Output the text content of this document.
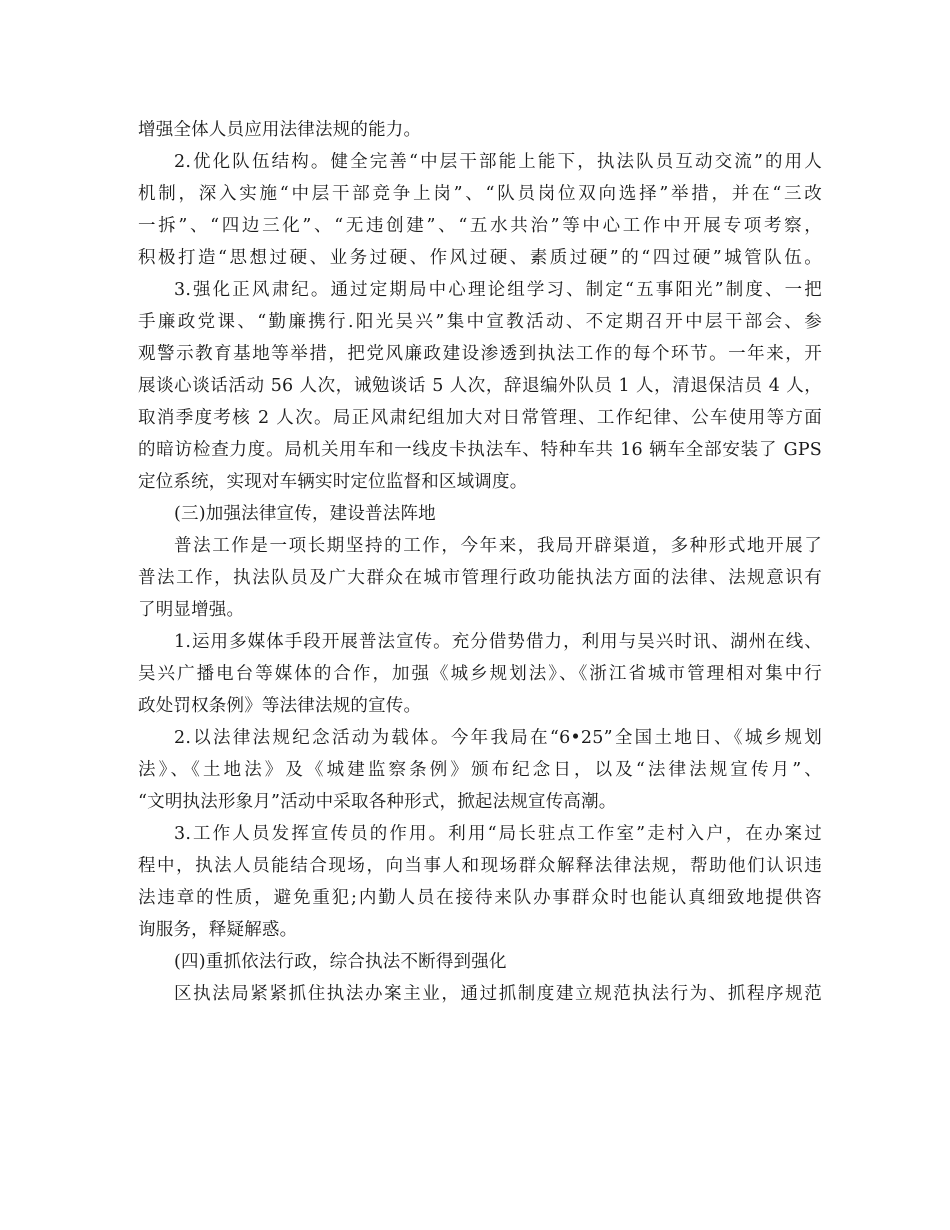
增强全体人员应用法律法规的能力。
2.优化队伍结构。健全完善“中层干部能上能下，执法队员互动交流”的用人
机制，深入实施“中层干部竞争上岗”、“队员岗位双向选择”举措，并在“三改
一拆”、“四边三化”、“无违创建”、“五水共治”等中心工作中开展专项考察，
积极打造“思想过硬、业务过硬、作风过硬、素质过硬”的“四过硬”城管队伍。
3.强化正风肃纪。通过定期局中心理论组学习、制定“五事阳光”制度、一把
手廉政党课、“勤廉携行.阳光吴兴”集中宣教活动、不定期召开中层干部会、参
观警示教育基地等举措，把党风廉政建设渗透到执法工作的每个环节。一年来，开
展谈心谈话活动 56 人次，诫勉谈话 5 人次，辞退编外队员 1 人，清退保洁员 4 人，
取消季度考核 2 人次。局正风肃纪组加大对日常管理、工作纪律、公车使用等方面
的暗访检查力度。局机关用车和一线皮卡执法车、特种车共 16 辆车全部安装了 GPS
定位系统，实现对车辆实时定位监督和区域调度。
(三)加强法律宣传，建设普法阵地
普法工作是一项长期坚持的工作，今年来，我局开辟渠道，多种形式地开展了
普法工作，执法队员及广大群众在城市管理行政功能执法方面的法律、法规意识有
了明显增强。
1.运用多媒体手段开展普法宣传。充分借势借力，利用与吴兴时讯、湖州在线、
吴兴广播电台等媒体的合作，加强《城乡规划法》、《浙江省城市管理相对集中行
政处罚权条例》等法律法规的宣传。
2.以法律法规纪念活动为载体。今年我局在“6•25”全国土地日、《城乡规划
法》、《土地法》及《城建监察条例》颁布纪念日，以及“法律法规宣传月”、
“文明执法形象月”活动中采取各种形式，掀起法规宣传高潮。
3.工作人员发挥宣传员的作用。利用“局长驻点工作室”走村入户，在办案过
程中，执法人员能结合现场，向当事人和现场群众解释法律法规，帮助他们认识违
法违章的性质，避免重犯;内勤人员在接待来队办事群众时也能认真细致地提供咨
询服务，释疑解惑。
(四)重抓依法行政，综合执法不断得到强化
区执法局紧紧抓住执法办案主业，通过抓制度建立规范执法行为、抓程序规范
